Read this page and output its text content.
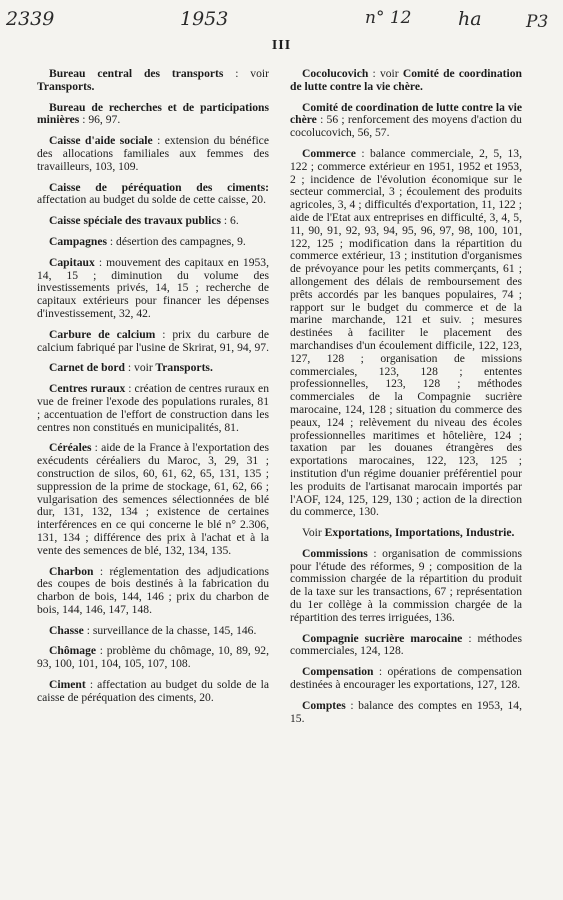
2339	1953	n° 12 ha	P3
III

Bureau central des transports : voir Transports.

Bureau de recherches et de participations minières : 96, 97.

Caisse d'aide sociale : extension du bénéfice des allocations familiales aux femmes des travailleurs, 103, 109.

Caisse de péréquation des ciments: affectation au budget du solde de cette caisse, 20.

Caisse spéciale des travaux publics : 6.

Campagnes : désertion des campagnes, 9.

Capitaux : mouvement des capitaux en 1953, 14, 15 ; diminution du volume des investissements privés, 14, 15 ; recherche de capitaux extérieurs pour financer les dépenses d'investissement, 32, 42.

Carbure de calcium : prix du carbure de calcium fabriqué par l'usine de Skrirat, 91, 94, 97.

Carnet de bord : voir Transports.

Centres ruraux : création de centres ruraux en vue de freiner l'exode des populations rurales, 81 ; accentuation de l'effort de construction dans les centres non constitués en municipalités, 81.

Céréales : aide de la France à l'exportation des exécudents céréaliers du Maroc, 3, 29, 31 ; construction de silos, 60, 61, 62, 65, 131, 135 ; suppression de la prime de stockage, 61, 62, 66 ; vulgarisation des semences sélectionnées de blé dur, 131, 132, 134 ; existence de certaines interférences en ce qui concerne le blé n° 2.306, 131, 134 ; différence des prix à l'achat et à la vente des semences de blé, 132, 134, 135.

Charbon : réglementation des adjudications des coupes de bois destinés à la fabrication du charbon de bois, 144, 146 ; prix du charbon de bois, 144, 146, 147, 148.

Chasse : surveillance de la chasse, 145, 146.

Chômage : problème du chômage, 10, 89, 92, 93, 100, 101, 104, 105, 107, 108.

Ciment : affectation au budget du solde de la caisse de péréquation des ciments, 20.

Cocolucovich : voir Comité de coordination de lutte contre la vie chère.

Comité de coordination de lutte contre la vie chère : 56 ; renforcement des moyens d'action du cocolucovich, 56, 57.

Commerce : balance commerciale, 2, 5, 13, 122 ; commerce extérieur en 1951, 1952 et 1953, 2 ; incidence de l'évolution économique sur le secteur commercial, 3 ; écoulement des produits agricoles, 3, 4 ; difficultés d'exportation, 11, 122 ; aide de l'Etat aux entreprises en difficulté, 3, 4, 5, 11, 90, 91, 92, 93, 94, 95, 96, 97, 98, 100, 101, 122, 125 ; modification dans la répartition du commerce extérieur, 13 ; institution d'organismes de prévoyance pour les petits commerçants, 61 ; allongement des délais de remboursement des prêts accordés par les banques populaires, 74 ; rapport sur le budget du commerce et de la marine marchande, 121 et suiv. ; mesures destinées à faciliter le placement des marchandises d'un écoulement difficile, 122, 123, 127, 128 ; organisation de missions commerciales, 123, 128 ; ententes professionnelles, 123, 128 ; méthodes commerciales de la Compagnie sucrière marocaine, 124, 128 ; situation du commerce des peaux, 124 ; relèvement du niveau des écoles professionnelles maritimes et hôtelière, 124 ; taxation par les douanes étrangères des exportations marocaines, 122, 123, 125 ; institution d'un régime douanier préférentiel pour les produits de l'artisanat marocain importés par l'AOF, 124, 125, 129, 130 ; action de la direction du commerce, 130.

Voir Exportations, Importations, Industrie.

Commissions : organisation de commissions pour l'étude des réformes, 9 ; composition de la commission chargée de la répartition du produit de la taxe sur les transactions, 67 ; représentation du 1er collège à la commission chargée de la répartition des terres irriguées, 136.

Compagnie sucrière marocaine : méthodes commerciales, 124, 128.

Compensation : opérations de compensation destinées à encourager les exportations, 127, 128.

Comptes : balance des comptes en 1953, 14, 15.
